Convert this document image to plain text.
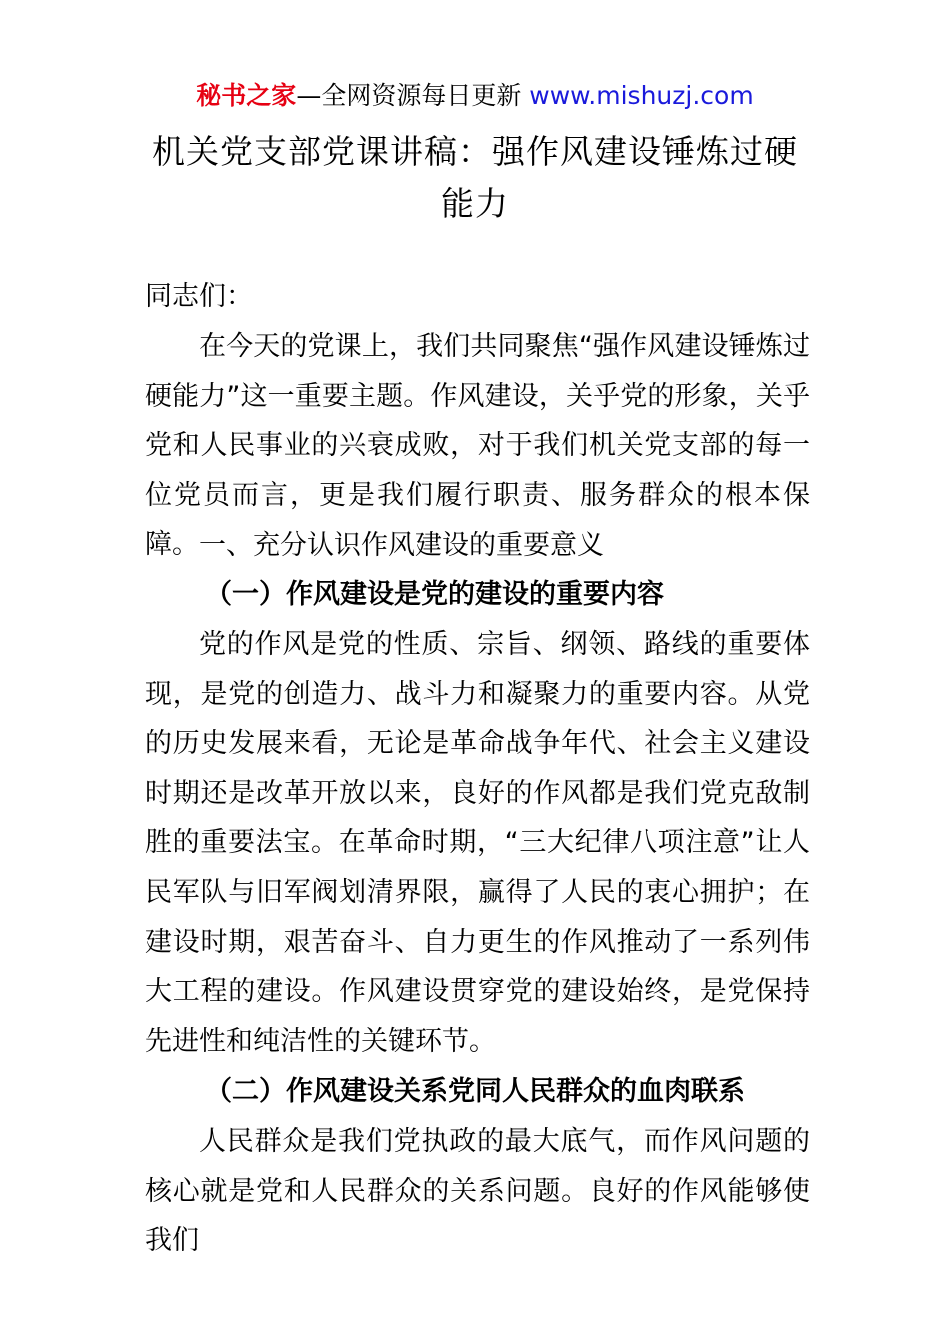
秘书之家—全网资源每日更新 www.mishuzj.com
机关党支部党课讲稿：强作风建设锤炼过硬能力
同志们：

在今天的党课上，我们共同聚焦“强作风建设锤炼过硬能力”这一重要主题。作风建设，关乎党的形象，关乎党和人民事业的兴衰成败，对于我们机关党支部的每一位党员而言，更是我们履行职责、服务群众的根本保障。 一、充分认识作风建设的重要意义

（一）作风建设是党的建设的重要内容

党的作风是党的性质、宗旨、纲领、路线的重要体现，是党的创造力、战斗力和凝聚力的重要内容。从党的历史发展来看，无论是革命战争年代、社会主义建设时期还是改革开放以来，良好的作风都是我们党克敌制胜的重要法宝。在革命时期，“三大纪律八项注意”让人民军队与旧军阀划清界限，赢得了人民的衷心拥护；在建设时期，艰苦奋斗、自力更生的作风推动了一系列伟大工程的建设。作风建设贯穿党的建设始终，是党保持先进性和纯洁性的关键环节。

（二）作风建设关系党同人民群众的血肉联系

人民群众是我们党执政的最大底气，而作风问题的核心就是党和人民群众的关系问题。良好的作风能够使我们
